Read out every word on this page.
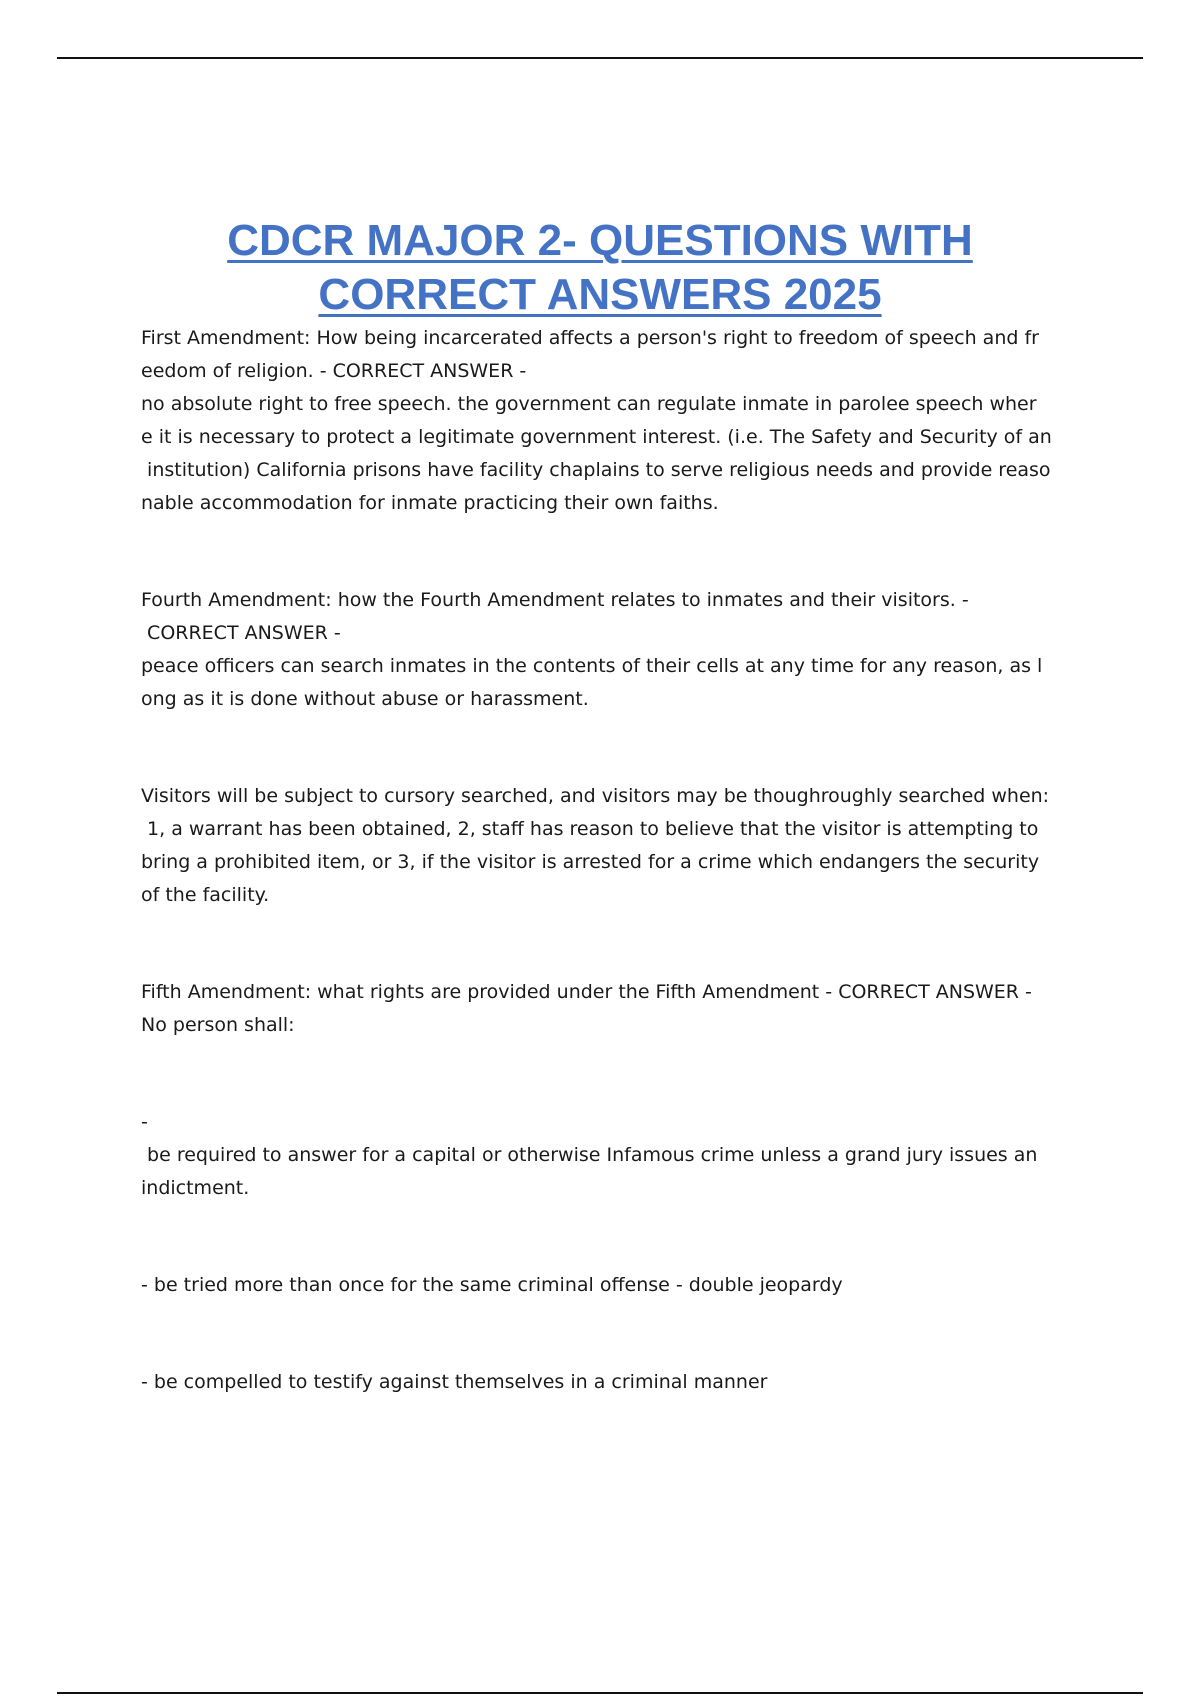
CDCR MAJOR 2- QUESTIONS WITH
CORRECT ANSWERS 2025

First Amendment: How being incarcerated affects a person's right to freedom of speech and fr

eedom of religion. - CORRECT ANSWER -

no absolute right to free speech. the government can regulate inmate in parolee speech wher

e it is necessary to protect a legitimate government interest. (i.e. The Safety and Security of an

institution) California prisons have facility chaplains to serve religious needs and provide reaso

nable accommodation for inmate practicing their own faiths.

Fourth Amendment: how the Fourth Amendment relates to inmates and their visitors. -

CORRECT ANSWER -

peace officers can search inmates in the contents of their cells at any time for any reason, as l

ong as it is done without abuse or harassment.

Visitors will be subject to cursory searched, and visitors may be thoughroughly searched when:

1, a warrant has been obtained, 2, staff has reason to believe that the visitor is attempting to

bring a prohibited item, or 3, if the visitor is arrested for a crime which endangers the security

of the facility.

Fifth Amendment: what rights are provided under the Fifth Amendment - CORRECT ANSWER -

No person shall:

-

be required to answer for a capital or otherwise Infamous crime unless a grand jury issues an

indictment.

- be tried more than once for the same criminal offense - double jeopardy

- be compelled to testify against themselves in a criminal manner
